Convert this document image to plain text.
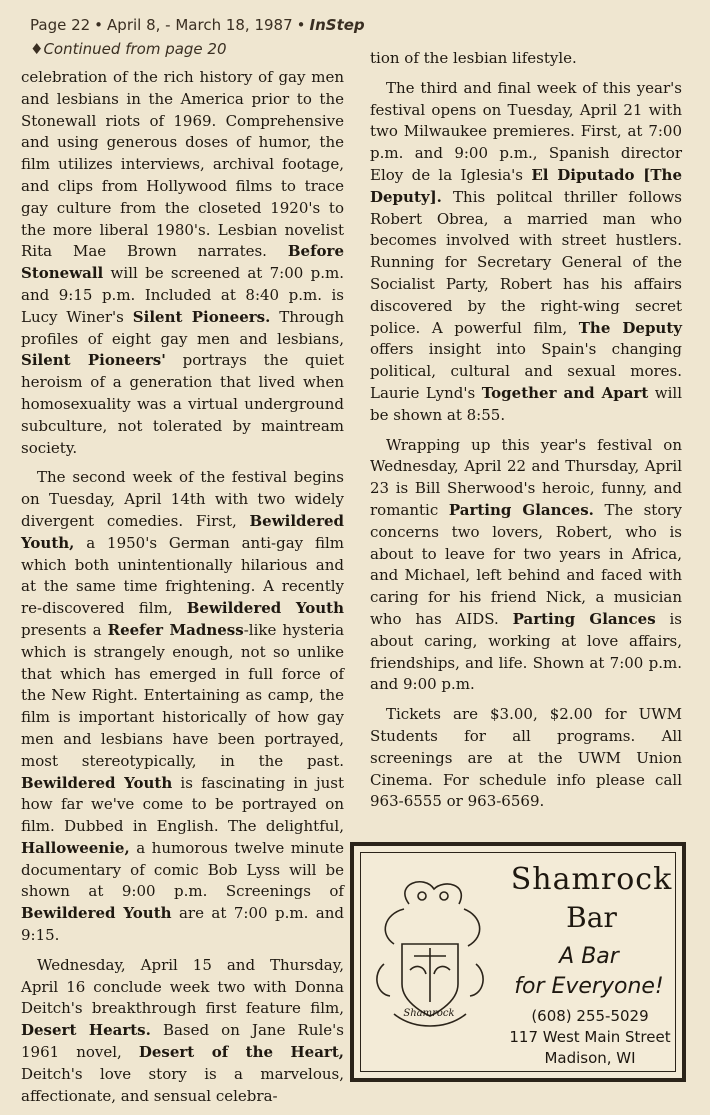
Page 22 • April 8, - March 18, 1987 • InStep
♦Continued from page 20

celebration of the rich history of gay men and lesbians in the America prior to the Stonewall riots of 1969. Comprehensive and using generous doses of humor, the film utilizes interviews, archival footage, and clips from Hollywood films to trace gay culture from the closeted 1920's to the more liberal 1980's. Lesbian novelist Rita Mae Brown narrates. Before Stonewall will be screened at 7:00 p.m. and 9:15 p.m. Included at 8:40 p.m. is Lucy Winer's Silent Pioneers. Through profiles of eight gay men and lesbians, Silent Pioneers' portrays the quiet heroism of a generation that lived when homosexuality was a virtual underground subculture, not tolerated by maintream society.

The second week of the festival begins on Tuesday, April 14th with two widely divergent comedies. First, Bewildered Youth, a 1950's German anti-gay film which both unintentionally hilarious and at the same time frightening. A recently re-discovered film, Bewildered Youth presents a Reefer Madness-like hysteria which is strangely enough, not so unlike that which has emerged in full force of the New Right. Entertaining as camp, the film is important historically of how gay men and lesbians have been portrayed, most stereotypically, in the past. Bewildered Youth is fascinating in just how far we've come to be portrayed on film. Dubbed in English. The delightful, Halloweenie, a humorous twelve minute documentary of comic Bob Lyss will be shown at 9:00 p.m. Screenings of Bewildered Youth are at 7:00 p.m. and 9:15.

Wednesday, April 15 and Thursday, April 16 conclude week two with Donna Deitch's breakthrough first feature film, Desert Hearts. Based on Jane Rule's 1961 novel, Desert of the Heart, Deitch's love story is a marvelous, affectionate, and sensual celebra-

tion of the lesbian lifestyle.

The third and final week of this year's festival opens on Tuesday, April 21 with two Milwaukee premieres. First, at 7:00 p.m. and 9:00 p.m., Spanish director Eloy de la Iglesia's El Diputado [The Deputy]. This politcal thriller follows Robert Obrea, a married man who becomes involved with street hustlers. Running for Secretary General of the Socialist Party, Robert has his affairs discovered by the right-wing secret police. A powerful film, The Deputy offers insight into Spain's changing political, cultural and sexual mores. Laurie Lynd's Together and Apart will be shown at 8:55.

Wrapping up this year's festival on Wednesday, April 22 and Thursday, April 23 is Bill Sherwood's heroic, funny, and romantic Parting Glances. The story concerns two lovers, Robert, who is about to leave for two years in Africa, and Michael, left behind and faced with caring for his friend Nick, a musician who has AIDS. Parting Glances is about caring, working at love affairs, friendships, and life. Shown at 7:00 p.m. and 9:00 p.m.

Tickets are $3.00, $2.00 for UWM Students for all programs. All screenings are at the UWM Union Cinema. For schedule info please call 963-6555 or 963-6569.

Shamrock
Shamrock
Bar
A Bar
for Everyone!
(608) 255-5029
117 West Main Street
Madison, WI
